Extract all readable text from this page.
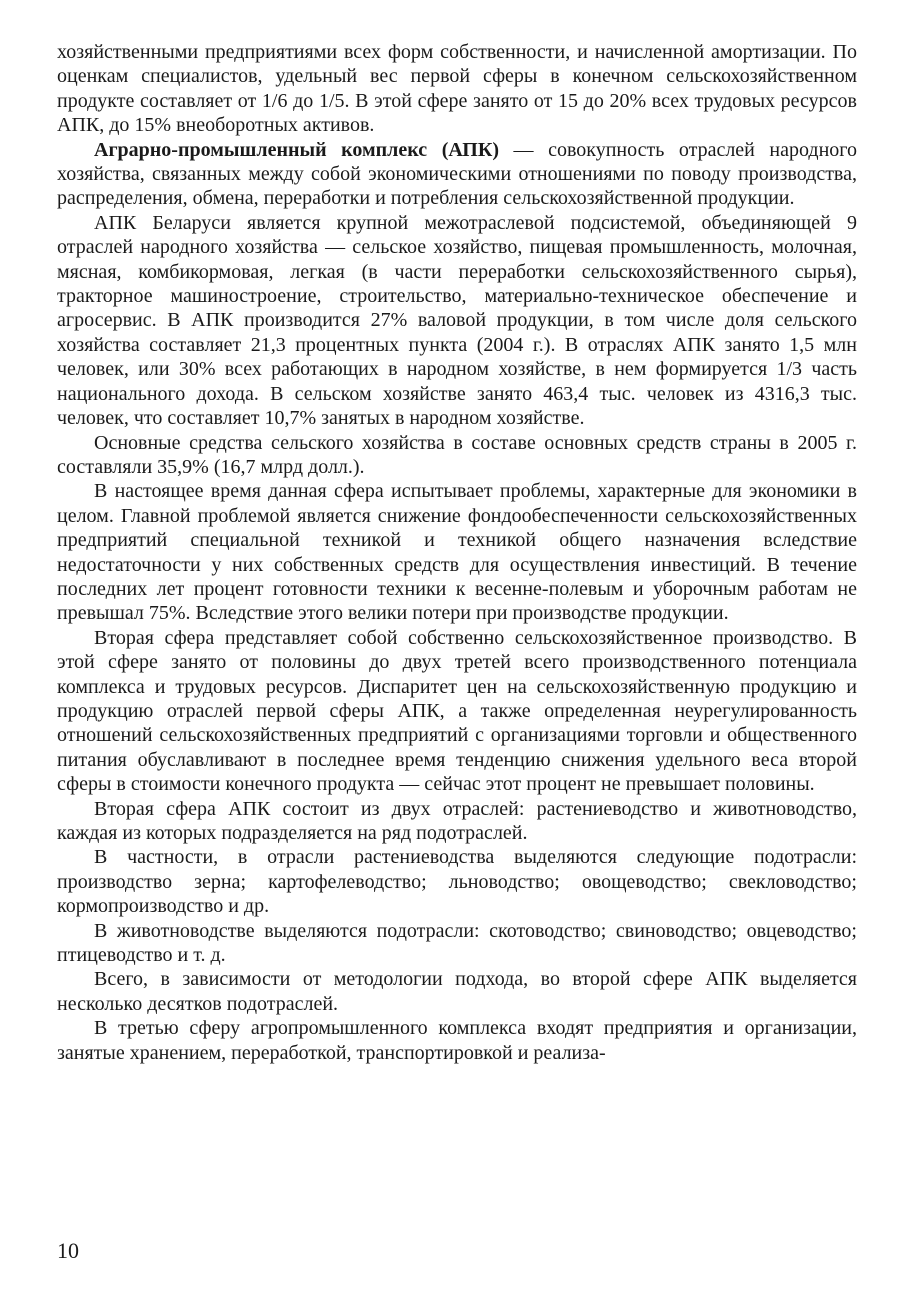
хозяйственными предприятиями всех форм собственности, и начисленной амортизации. По оценкам специалистов, удельный вес первой сферы в конечном сельскохозяйственном продукте составляет от 1/6 до 1/5. В этой сфере занято от 15 до 20% всех трудовых ресурсов АПК, до 15% внеоборотных активов.

Аграрно-промышленный комплекс (АПК) — совокупность отраслей народного хозяйства, связанных между собой экономическими отношениями по поводу производства, распределения, обмена, переработки и потребления сельскохозяйственной продукции.

АПК Беларуси является крупной межотраслевой подсистемой, объединяющей 9 отраслей народного хозяйства — сельское хозяйство, пищевая промышленность, молочная, мясная, комбикормовая, легкая (в части переработки сельскохозяйственного сырья), тракторное машиностроение, строительство, материально-техническое обеспечение и агросервис. В АПК производится 27% валовой продукции, в том числе доля сельского хозяйства составляет 21,3 процентных пункта (2004 г.). В отраслях АПК занято 1,5 млн человек, или 30% всех работающих в народном хозяйстве, в нем формируется 1/3 часть национального дохода. В сельском хозяйстве занято 463,4 тыс. человек из 4316,3 тыс. человек, что составляет 10,7% занятых в народном хозяйстве.

Основные средства сельского хозяйства в составе основных средств страны в 2005 г. составляли 35,9% (16,7 млрд долл.).

В настоящее время данная сфера испытывает проблемы, характерные для экономики в целом. Главной проблемой является снижение фондообеспеченности сельскохозяйственных предприятий специальной техникой и техникой общего назначения вследствие недостаточности у них собственных средств для осуществления инвестиций. В течение последних лет процент готовности техники к весенне-полевым и уборочным работам не превышал 75%. Вследствие этого велики потери при производстве продукции.

Вторая сфера представляет собой собственно сельскохозяйственное производство. В этой сфере занято от половины до двух третей всего производственного потенциала комплекса и трудовых ресурсов. Диспаритет цен на сельскохозяйственную продукцию и продукцию отраслей первой сферы АПК, а также определенная неурегулированность отношений сельскохозяйственных предприятий с организациями торговли и общественного питания обуславливают в последнее время тенденцию снижения удельного веса второй сферы в стоимости конечного продукта — сейчас этот процент не превышает половины.

Вторая сфера АПК состоит из двух отраслей: растениеводство и животноводство, каждая из которых подразделяется на ряд подотраслей.

В частности, в отрасли растениеводства выделяются следующие подотрасли: производство зерна; картофелеводство; льноводство; овощеводство; свекловодство; кормопроизводство и др.

В животноводстве выделяются подотрасли: скотоводство; свиноводство; овцеводство; птицеводство и т. д.

Всего, в зависимости от методологии подхода, во второй сфере АПК выделяется несколько десятков подотраслей.

В третью сферу агропромышленного комплекса входят предприятия и организации, занятые хранением, переработкой, транспортировкой и реализа-

10
